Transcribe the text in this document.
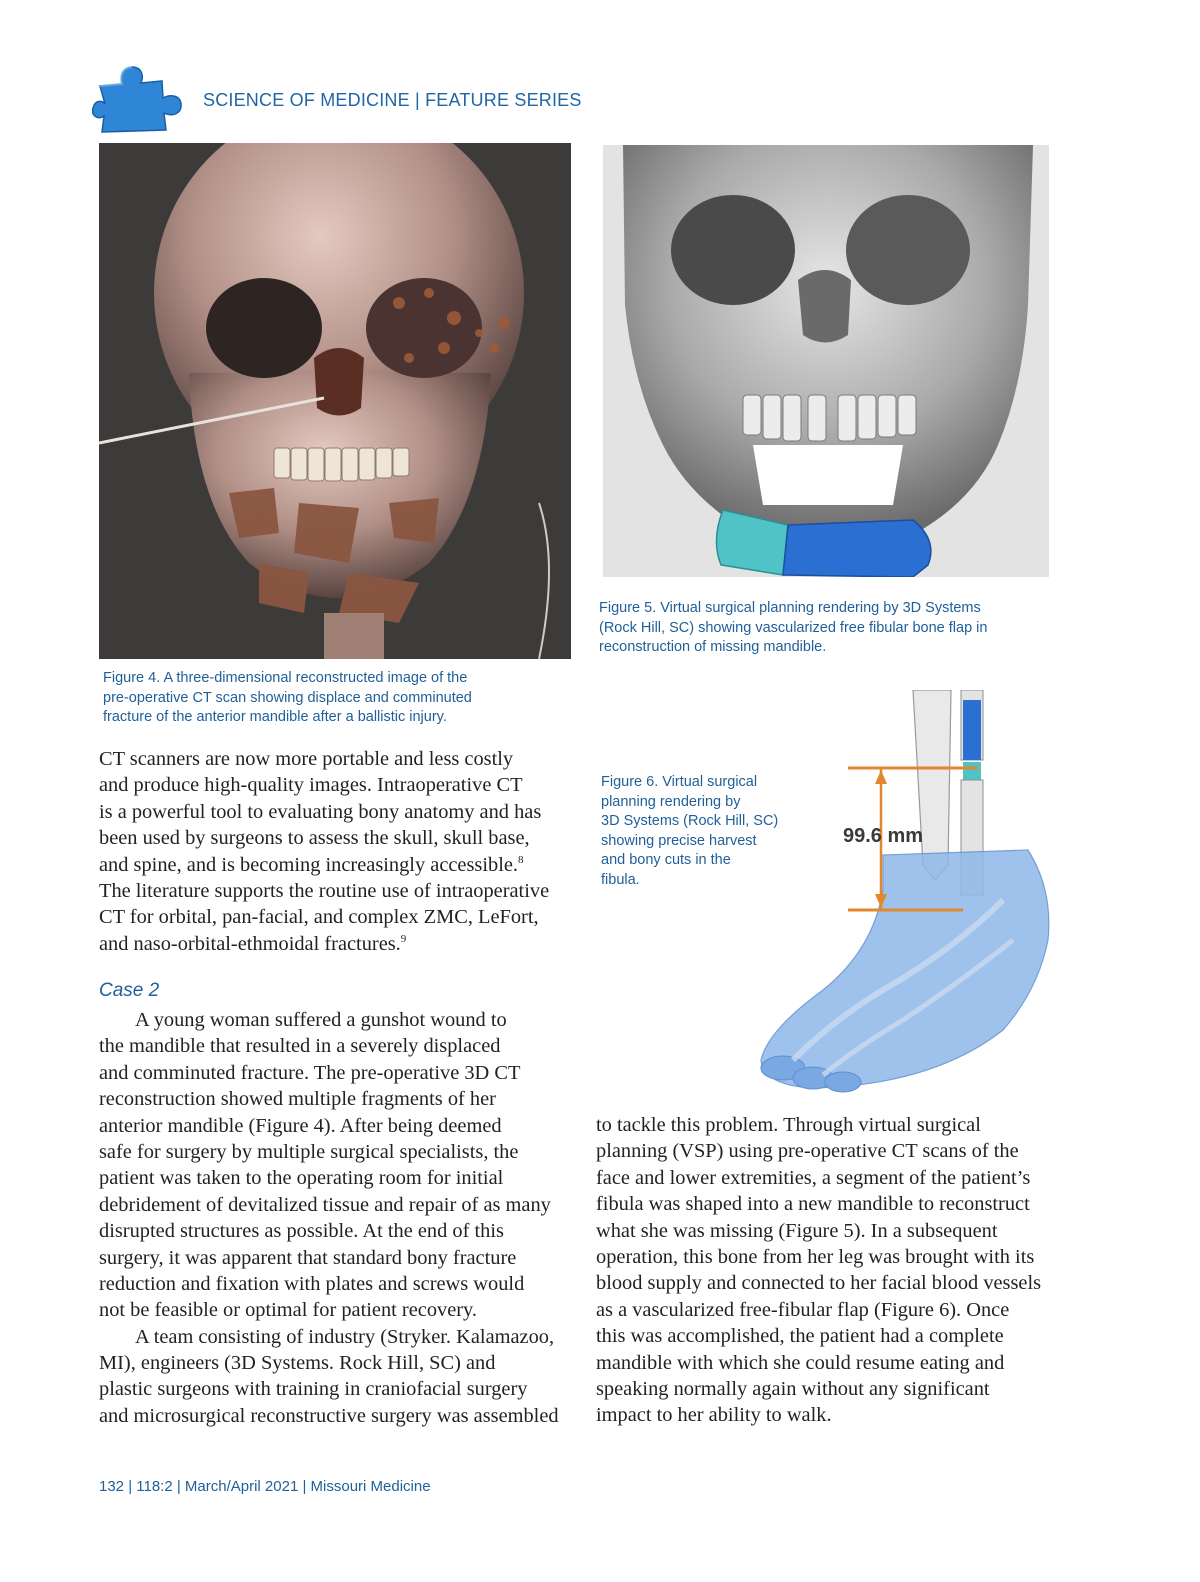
SCIENCE OF MEDICINE | FEATURE SERIES
Figure 4. A three-dimensional reconstructed image of the
pre-operative CT scan showing displace and comminuted
fracture of the anterior mandible after a ballistic injury.
Figure 5. Virtual surgical planning rendering by 3D Systems
(Rock Hill, SC) showing vascularized free fibular bone flap in
reconstruction of missing mandible.
99.6 mm
Figure 6. Virtual surgical
planning rendering by
3D Systems (Rock Hill, SC)
showing precise harvest
and bony cuts in the
fibula.
CT scanners are now more portable and less costly
and produce high-quality images. Intraoperative CT
is a powerful tool to evaluating bony anatomy and has
been used by surgeons to assess the skull, skull base,
and spine, and is becoming increasingly accessible.$^8$
The literature supports the routine use of intraoperative
CT for orbital, pan-facial, and complex ZMC, LeFort,
and naso-orbital-ethmoidal fractures.$^9$
Case 2
A young woman suffered a gunshot wound to
the mandible that resulted in a severely displaced
and comminuted fracture. The pre-operative 3D CT
reconstruction showed multiple fragments of her
anterior mandible (Figure 4). After being deemed
safe for surgery by multiple surgical specialists, the
patient was taken to the operating room for initial
debridement of devitalized tissue and repair of as many
disrupted structures as possible. At the end of this
surgery, it was apparent that standard bony fracture
reduction and fixation with plates and screws would
not be feasible or optimal for patient recovery.
A team consisting of industry (Stryker. Kalamazoo,
MI), engineers (3D Systems. Rock Hill, SC) and
plastic surgeons with training in craniofacial surgery
and microsurgical reconstructive surgery was assembled
to tackle this problem. Through virtual surgical
planning (VSP) using pre-operative CT scans of the
face and lower extremities, a segment of the patient’s
fibula was shaped into a new mandible to reconstruct
what she was missing (Figure 5). In a subsequent
operation, this bone from her leg was brought with its
blood supply and connected to her facial blood vessels
as a vascularized free-fibular flap (Figure 6). Once
this was accomplished, the patient had a complete
mandible with which she could resume eating and
speaking normally again without any significant
impact to her ability to walk.
132 | 118:2 | March/April 2021 | Missouri Medicine
